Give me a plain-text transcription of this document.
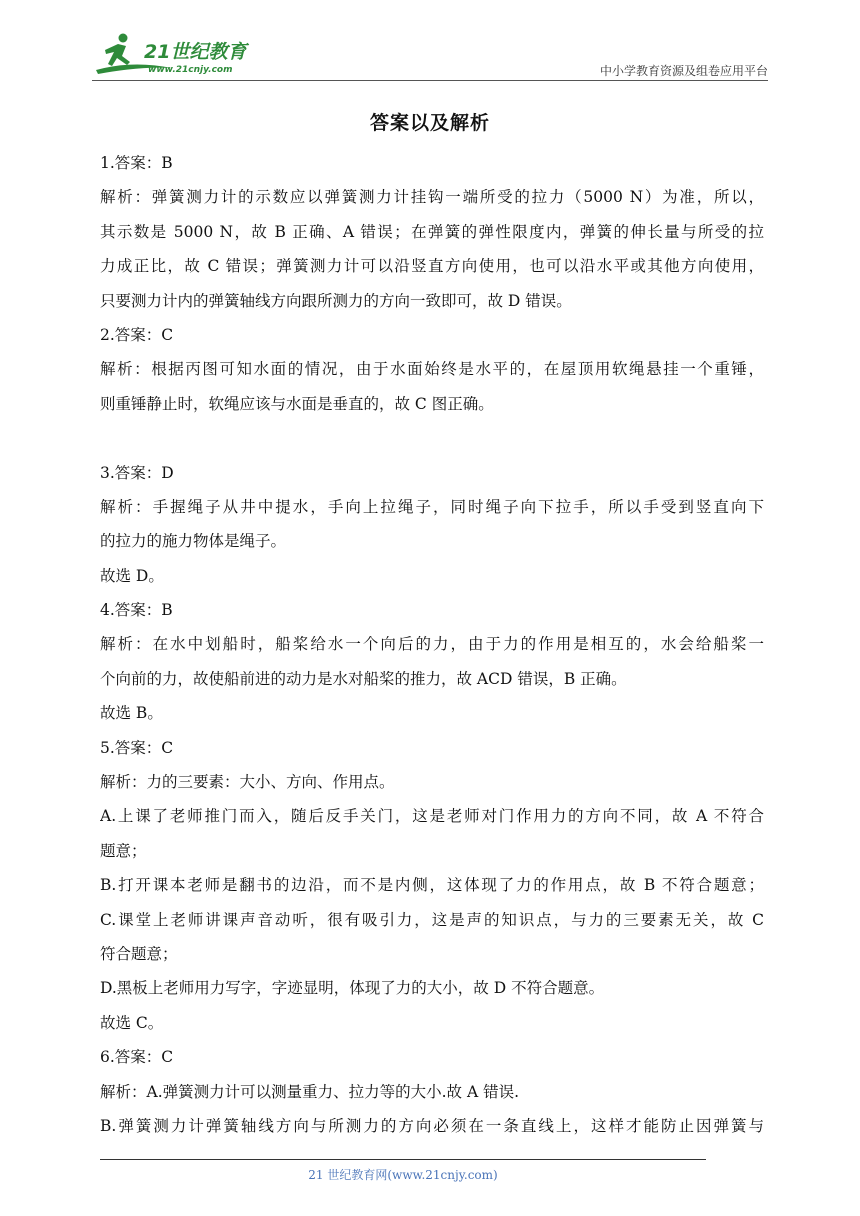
21世纪教育
www.21cnjy.com	中小学教育资源及组卷应用平台
答案以及解析
1.答案：B
解析：弹簧测力计的示数应以弹簧测力计挂钩一端所受的拉力（5000 N）为准，所以，
其示数是 5000 N，故 B 正确、A 错误；在弹簧的弹性限度内，弹簧的伸长量与所受的拉
力成正比，故 C 错误；弹簧测力计可以沿竖直方向使用，也可以沿水平或其他方向使用，
只要测力计内的弹簧轴线方向跟所测力的方向一致即可，故 D 错误。
2.答案：C
解析：根据丙图可知水面的情况，由于水面始终是水平的，在屋顶用软绳悬挂一个重锤，
则重锤静止时，软绳应该与水面是垂直的，故 C 图正确。
3.答案：D
解析：手握绳子从井中提水，手向上拉绳子，同时绳子向下拉手，所以手受到竖直向下
的拉力的施力物体是绳子。
故选 D。
4.答案：B
解析：在水中划船时，船桨给水一个向后的力，由于力的作用是相互的，水会给船桨一
个向前的力，故使船前进的动力是水对船桨的推力，故 ACD 错误，B 正确。
故选 B。
5.答案：C
解析：力的三要素：大小、方向、作用点。
A.上课了老师推门而入，随后反手关门，这是老师对门作用力的方向不同，故 A 不符合
题意；
B.打开课本老师是翻书的边沿，而不是内侧，这体现了力的作用点，故 B 不符合题意；
C.课堂上老师讲课声音动听，很有吸引力，这是声的知识点，与力的三要素无关，故 C
符合题意；
D.黑板上老师用力写字，字迹显明，体现了力的大小，故 D 不符合题意。
故选 C。
6.答案：C
解析：A.弹簧测力计可以测量重力、拉力等的大小.故 A 错误.
B.弹簧测力计弹簧轴线方向与所测力的方向必须在一条直线上，这样才能防止因弹簧与
21 世纪教育网(www.21cnjy.com)
